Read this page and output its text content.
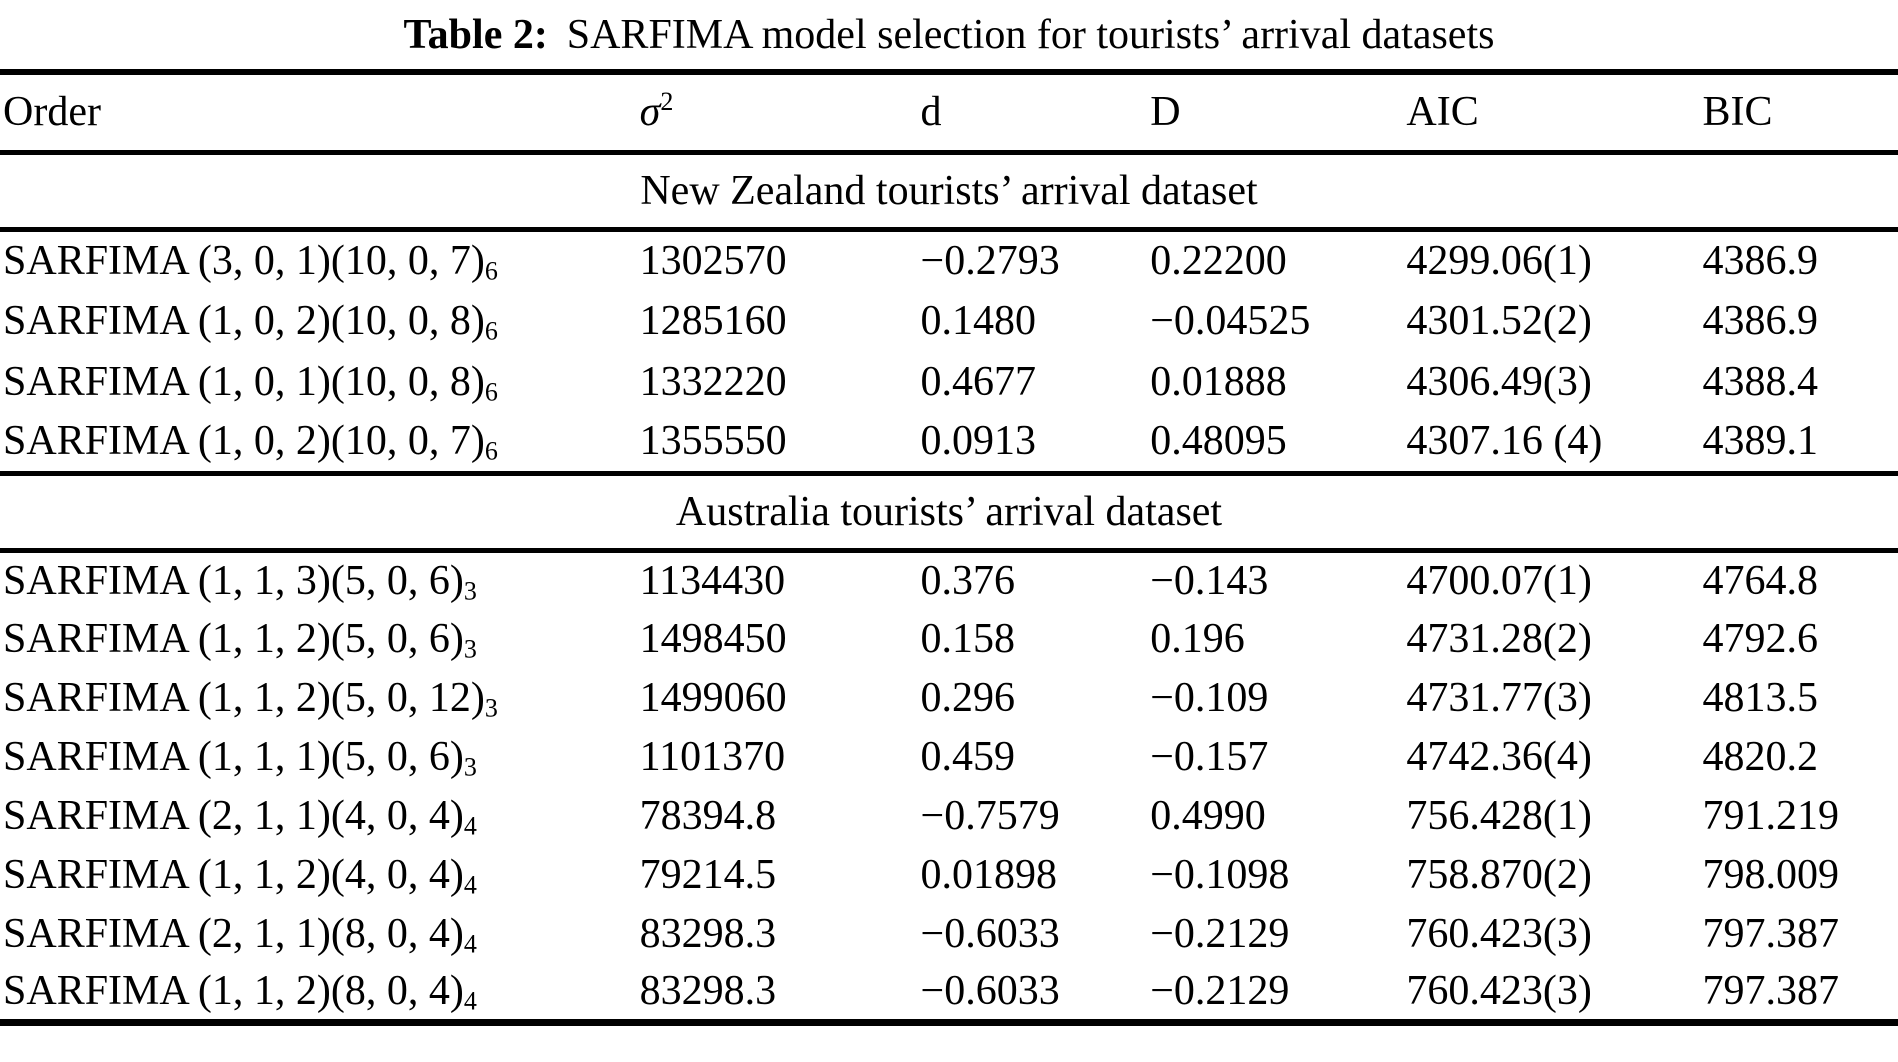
Table 2: SARFIMA model selection for tourists’ arrival datasets
Order	$\sigma^2$	d	D	AIC	BIC
New Zealand tourists’ arrival dataset					
SARFIMA (3, 0, 1)(10, 0, $7)_6$	1302570	−0.2793	0.22200	4299.06(1)	4386.9
SARFIMA (1, 0, 2)(10, 0, $8)_6$	1285160	0.1480	−0.04525	4301.52(2)	4386.9
SARFIMA (1, 0, 1)(10, 0, $8)_6$	1332220	0.4677	0.01888	4306.49(3)	4388.4
SARFIMA (1, 0, 2)(10, 0, $7)_6$	1355550	0.0913	0.48095	4307.16 (4)	4389.1
Australia tourists’ arrival dataset					
SARFIMA (1, 1, 3)(5, 0, $6)_3$	1134430	0.376	−0.143	4700.07(1)	4764.8
SARFIMA (1, 1, 2)(5, 0, $6)_3$	1498450	0.158	0.196	4731.28(2)	4792.6
SARFIMA (1, 1, 2)(5, 0, $12)_3$	1499060	0.296	−0.109	4731.77(3)	4813.5
SARFIMA (1, 1, 1)(5, 0, $6)_3$	1101370	0.459	−0.157	4742.36(4)	4820.2
SARFIMA (2, 1, 1)(4, 0, $4)_4$	78394.8	−0.7579	0.4990	756.428(1)	791.219
SARFIMA (1, 1, 2)(4, 0, $4)_4$	79214.5	0.01898	−0.1098	758.870(2)	798.009
SARFIMA (2, 1, 1)(8, 0, $4)_4$	83298.3	−0.6033	−0.2129	760.423(3)	797.387
SARFIMA (1, 1, 2)(8, 0, $4)_4$	83298.3	−0.6033	−0.2129	760.423(3)	797.387
